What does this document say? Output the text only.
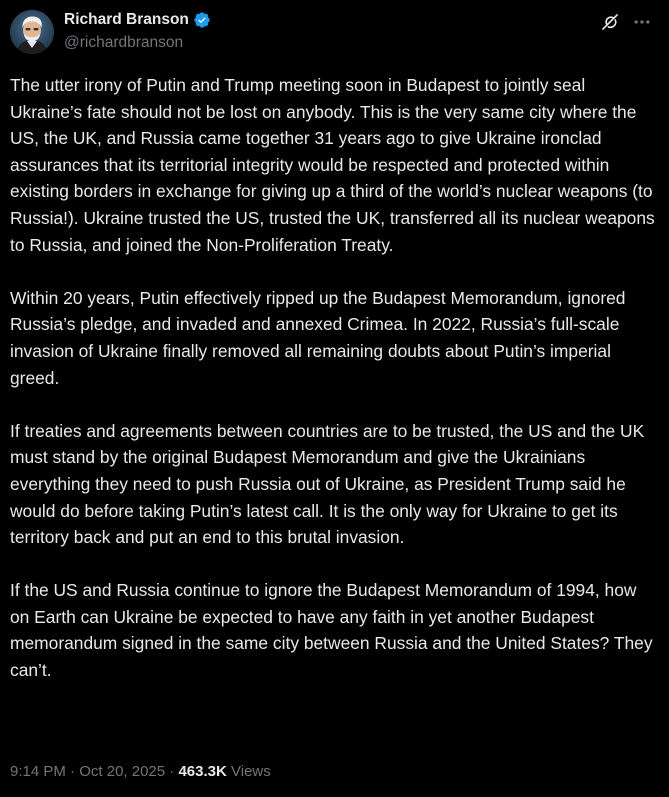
Richard Branson
@richardbranson

The utter irony of Putin and Trump meeting soon in Budapest to jointly seal Ukraine’s fate should not be lost on anybody. This is the very same city where the US, the UK, and Russia came together 31 years ago to give Ukraine ironclad assurances that its territorial integrity would be respected and protected within existing borders in exchange for giving up a third of the world’s nuclear weapons (to Russia!). Ukraine trusted the US, trusted the UK, transferred all its nuclear weapons to Russia, and joined the Non-Proliferation Treaty.

Within 20 years, Putin effectively ripped up the Budapest Memorandum, ignored Russia’s pledge, and invaded and annexed Crimea. In 2022, Russia’s full-scale invasion of Ukraine finally removed all remaining doubts about Putin’s imperial greed.

If treaties and agreements between countries are to be trusted, the US and the UK must stand by the original Budapest Memorandum and give the Ukrainians everything they need to push Russia out of Ukraine, as President Trump said he would do before taking Putin’s latest call. It is the only way for Ukraine to get its territory back and put an end to this brutal invasion.

If the US and Russia continue to ignore the Budapest Memorandum of 1994, how on Earth can Ukraine be expected to have any faith in yet another Budapest memorandum signed in the same city between Russia and the United States? They can’t.

9:14 PM · Oct 20, 2025 · 463.3K Views
